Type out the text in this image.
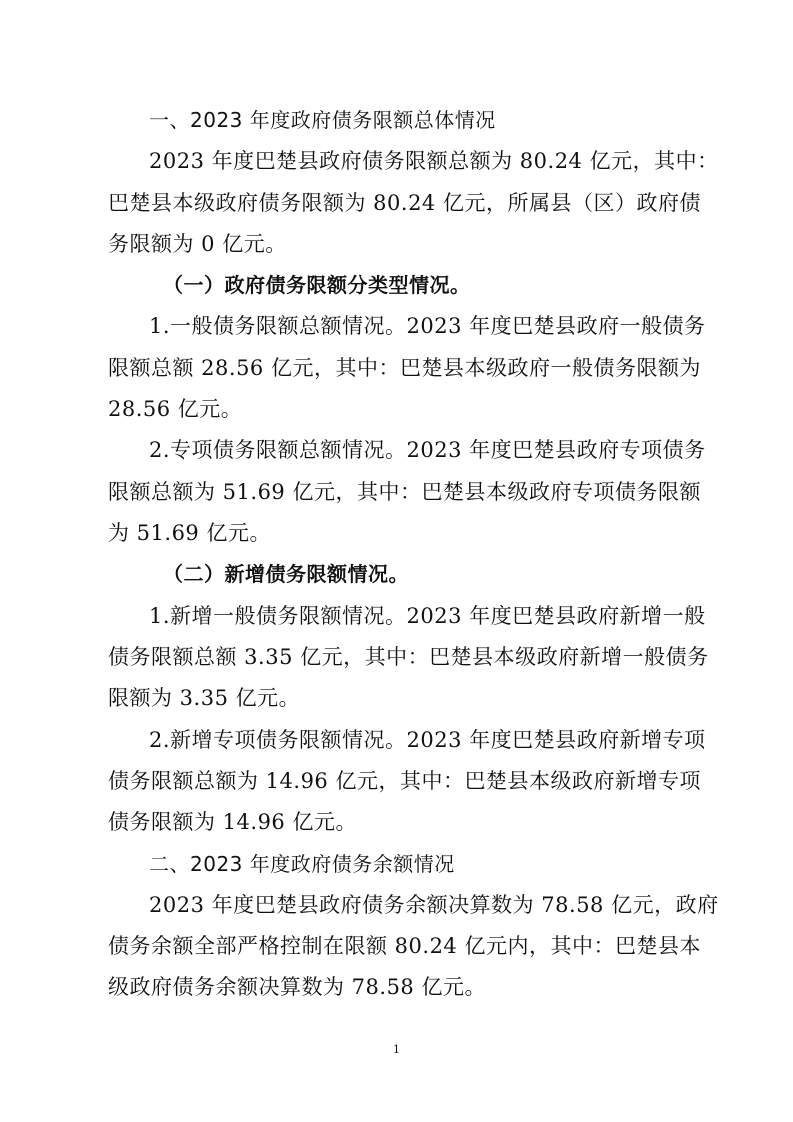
一、2023 年度政府债务限额总体情况
2023 年度巴楚县政府债务限额总额为 80.24 亿元，其中：
巴楚县本级政府债务限额为 80.24 亿元，所属县（区）政府债
务限额为 0 亿元。
（一）政府债务限额分类型情况。
1.一般债务限额总额情况。2023 年度巴楚县政府一般债务
限额总额 28.56 亿元，其中：巴楚县本级政府一般债务限额为
28.56 亿元。
2.专项债务限额总额情况。2023 年度巴楚县政府专项债务
限额总额为 51.69 亿元，其中：巴楚县本级政府专项债务限额
为 51.69 亿元。
（二）新增债务限额情况。
1.新增一般债务限额情况。2023 年度巴楚县政府新增一般
债务限额总额 3.35 亿元，其中：巴楚县本级政府新增一般债务
限额为 3.35 亿元。
2.新增专项债务限额情况。2023 年度巴楚县政府新增专项
债务限额总额为 14.96 亿元，其中：巴楚县本级政府新增专项
债务限额为 14.96 亿元。
二、2023 年度政府债务余额情况
2023 年度巴楚县政府债务余额决算数为 78.58 亿元，政府
债务余额全部严格控制在限额 80.24 亿元内，其中：巴楚县本
级政府债务余额决算数为 78.58 亿元。
1
